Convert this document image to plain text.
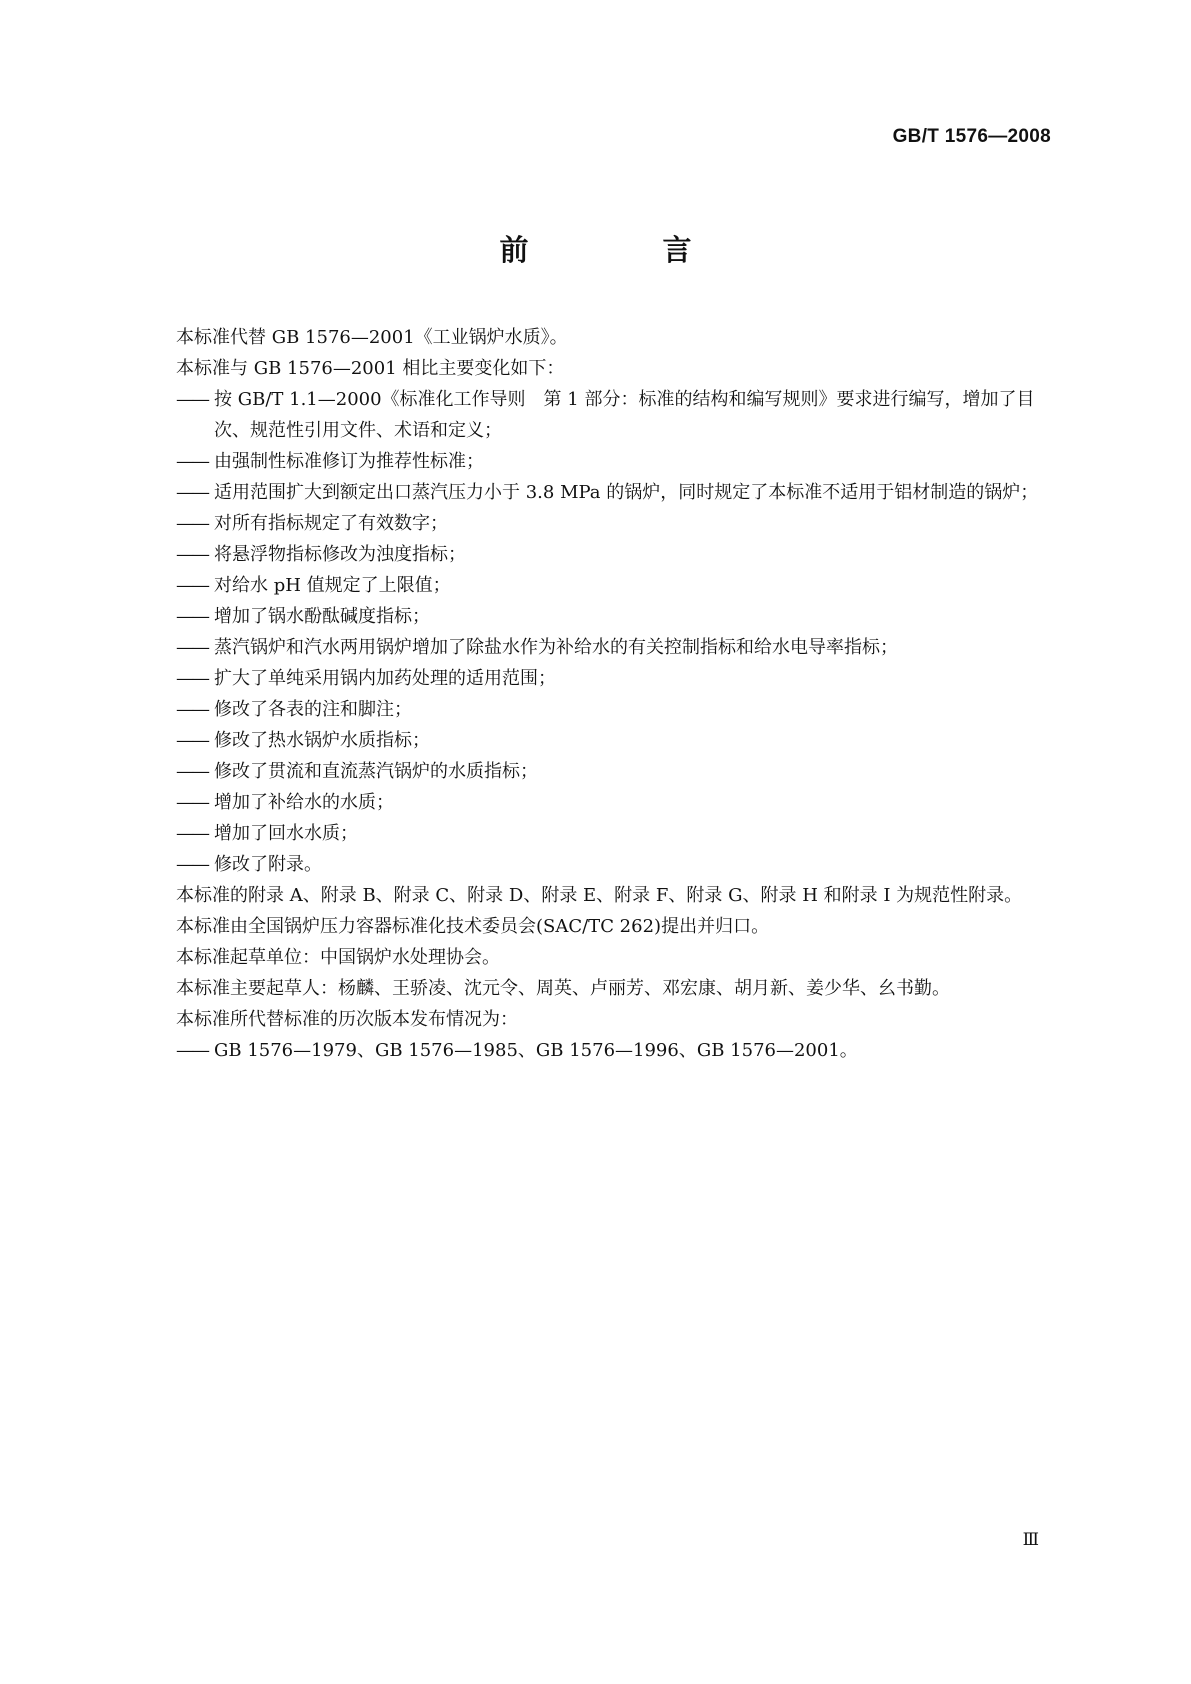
GB/T 1576—2008
前 言

本标准代替 GB 1576—2001《工业锅炉水质》。

本标准与 GB 1576—2001 相比主要变化如下：

—— 按 GB/T 1.1—2000《标准化工作导则　第 1 部分：标准的结构和编写规则》要求进行编写，增加了目次、规范性引用文件、术语和定义；

—— 由强制性标准修订为推荐性标准；

—— 适用范围扩大到额定出口蒸汽压力小于 3.8 MPa 的锅炉，同时规定了本标准不适用于铝材制造的锅炉；

—— 对所有指标规定了有效数字；

—— 将悬浮物指标修改为浊度指标；

—— 对给水 pH 值规定了上限值；

—— 增加了锅水酚酞碱度指标；

—— 蒸汽锅炉和汽水两用锅炉增加了除盐水作为补给水的有关控制指标和给水电导率指标；

—— 扩大了单纯采用锅内加药处理的适用范围；

—— 修改了各表的注和脚注；

—— 修改了热水锅炉水质指标；

—— 修改了贯流和直流蒸汽锅炉的水质指标；

—— 增加了补给水的水质；

—— 增加了回水水质；

—— 修改了附录。

本标准的附录 A、附录 B、附录 C、附录 D、附录 E、附录 F、附录 G、附录 H 和附录 I 为规范性附录。

本标准由全国锅炉压力容器标准化技术委员会(SAC/TC 262)提出并归口。

本标准起草单位：中国锅炉水处理协会。

本标准主要起草人：杨麟、王骄凌、沈元令、周英、卢丽芳、邓宏康、胡月新、姜少华、幺书勤。

本标准所代替标准的历次版本发布情况为：

—— GB 1576—1979、GB 1576—1985、GB 1576—1996、GB 1576—2001。

Ⅲ
